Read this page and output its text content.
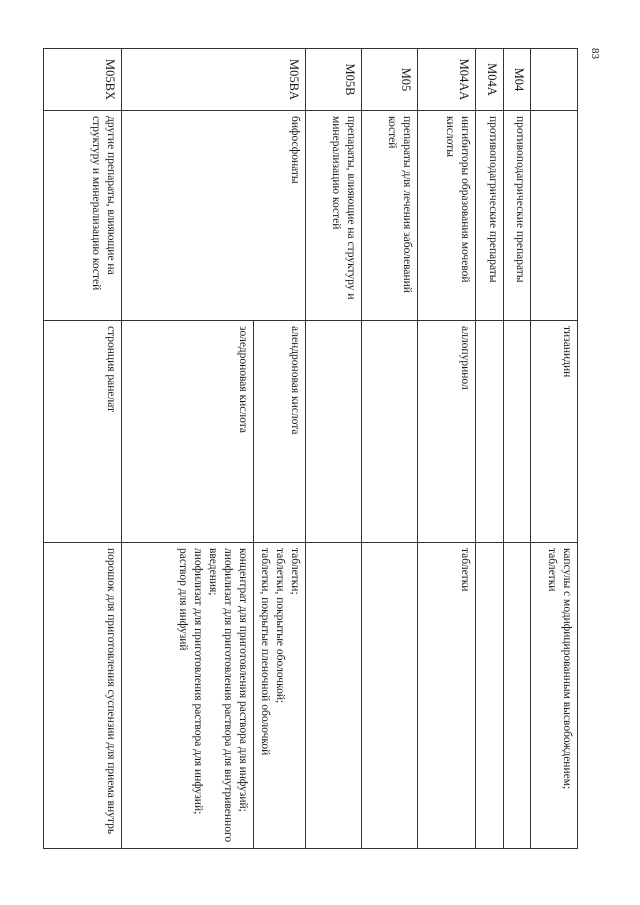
83
		тизанидин	капсулы с модифицированным высвобождением;
таблетки

M04	противоподагрические препараты		
M04A	противоподагрические препараты		
M04AA	ингибиторы образования мочевой кислоты	аллопуринол	таблетки

M05	препараты для лечения заболеваний костей		
M05B	препараты, влияющие на структуру и минерализацию костей		
M05BA	бифосфонаты	алендроновая кислота	таблетки;
таблетки, покрытые оболочкой;
таблетки, покрытые пленочной оболочкой

		золедроновая кислота	концентрат для приготовления раствора для инфузий;
лиофилизат для приготовления раствора для внутривенного введения;
лиофилизат для приготовления раствора для инфузий;
раствор для инфузий

M05BX	другие препараты, влияющие на структуру и минерализацию костей	стронция ранелат	порошок для приготовления суспензии для приема внутрь
